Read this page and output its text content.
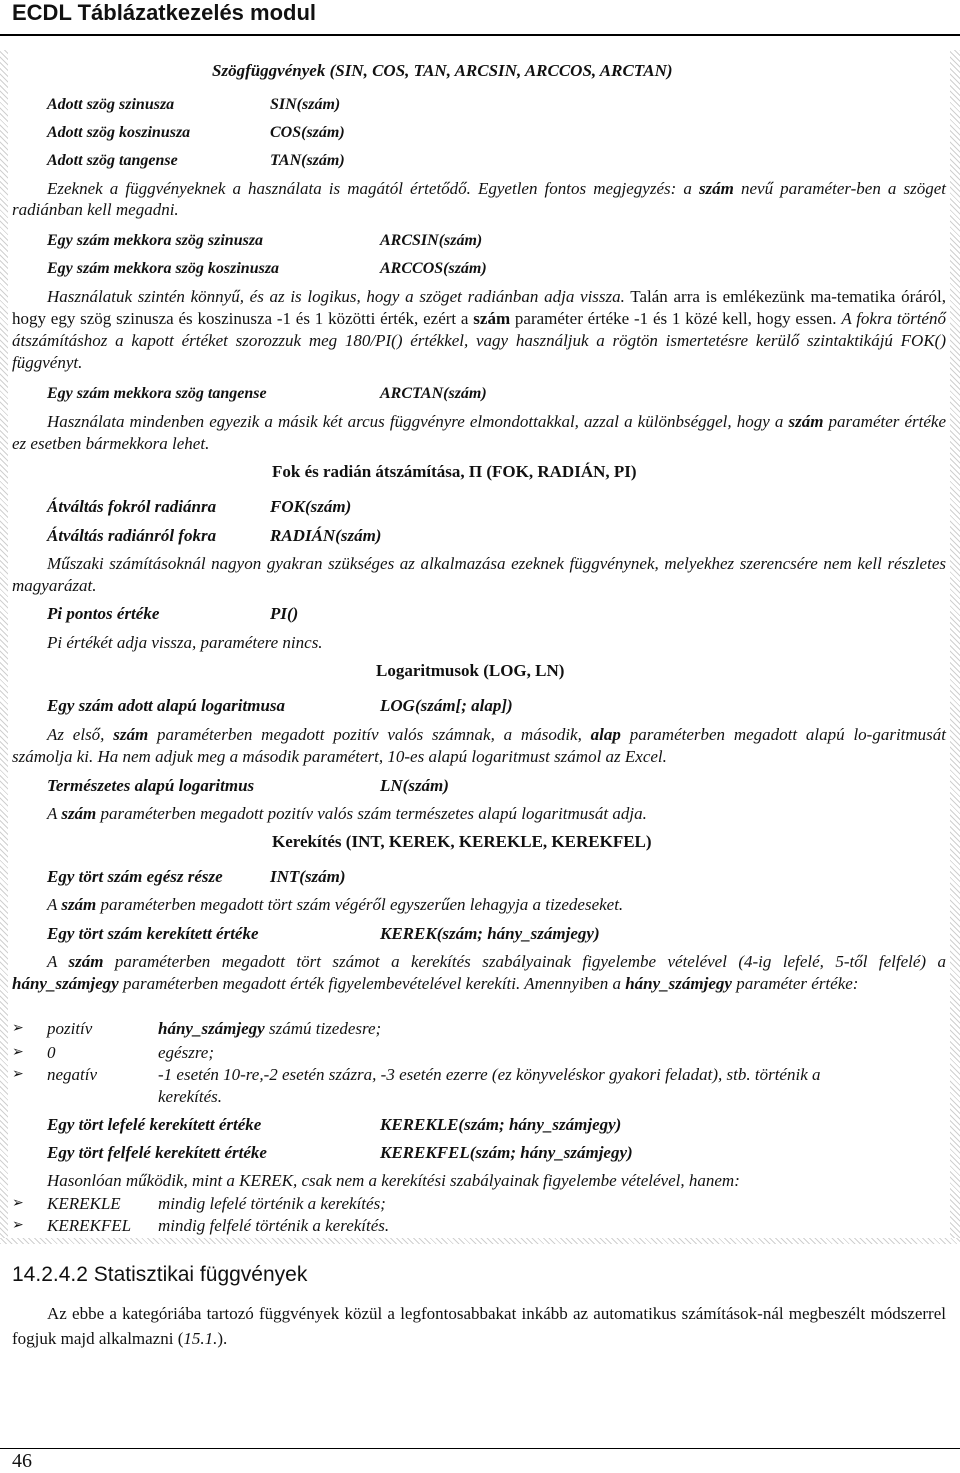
ECDL Táblázatkezelés modul
Szögfüggvények (SIN, COS, TAN, ARCSIN, ARCCOS, ARCTAN)
Adott szög szinusza	SIN(szám)
Adott szög koszinusza	COS(szám)
Adott szög tangense	TAN(szám)
Ezeknek a függvényeknek a használata is magától értetődő. Egyetlen fontos megjegyzés: a szám nevű paraméter-ben a szöget radiánban kell megadni.
Egy szám mekkora szög szinusza	ARCSIN(szám)
Egy szám mekkora szög koszinusza	ARCCOS(szám)
Használatuk szintén könnyű, és az is logikus, hogy a szöget radiánban adja vissza. Talán arra is emlékezünk ma-tematika óráról, hogy egy szög szinusza és koszinusza -1 és 1 közötti érték, ezért a szám paraméter értéke -1 és 1 közé kell, hogy essen. A fokra történő átszámításhoz a kapott értéket szorozzuk meg 180/PI() értékkel, vagy használjuk a rögtön ismertetésre kerülő szintaktikájú FOK() függvényt.
Egy szám mekkora szög tangense	ARCTAN(szám)
Használata mindenben egyezik a másik két arcus függvényre elmondottakkal, azzal a különbséggel, hogy a szám paraméter értéke ez esetben bármekkora lehet.
Fok és radián átszámítása, Π (FOK, RADIÁN, PI)
Átváltás fokról radiánra	FOK(szám)
Átváltás radiánról fokra	RADIÁN(szám)
Műszaki számításoknál nagyon gyakran szükséges az alkalmazása ezeknek függvénynek, melyekhez szerencsére nem kell részletes magyarázat.
Pi pontos értéke	PI()
Pi értékét adja vissza, paramétere nincs.
Logaritmusok (LOG, LN)
Egy szám adott alapú logaritmusa	LOG(szám[; alap])
Az első, szám paraméterben megadott pozitív valós számnak, a második, alap paraméterben megadott alapú lo-garitmusát számolja ki. Ha nem adjuk meg a második paramétert, 10-es alapú logaritmust számol az Excel.
Természetes alapú logaritmus	LN(szám)
A szám paraméterben megadott pozitív valós szám természetes alapú logaritmusát adja.
Kerekítés (INT, KEREK, KEREKLE, KEREKFEL)
Egy tört szám egész része	INT(szám)
A szám paraméterben megadott tört szám végéről egyszerűen lehagyja a tizedeseket.
Egy tört szám kerekített értéke	KEREK(szám; hány_számjegy)
A szám paraméterben megadott tört számot a kerekítés szabályainak figyelembe vételével (4-ig lefelé, 5-től felfelé) a hány_számjegy paraméterben megadott érték figyelembevételével kerekíti. Amennyiben a hány_számjegy paraméter értéke:
➢ pozitív	hány_számjegy számú tizedesre;
➢ 0	egészre;
➢ negatív	-1 esetén 10-re,-2 esetén százra, -3 esetén ezerre (ez könyveléskor gyakori feladat), stb. történik a
kerekítés.
Egy tört lefelé kerekített értéke	KEREKLE(szám; hány_számjegy)
Egy tört felfelé kerekített értéke	KEREKFEL(szám; hány_számjegy)
Hasonlóan működik, mint a KEREK, csak nem a kerekítési szabályainak figyelembe vételével, hanem:
➢ KEREKLE mindig lefelé történik a kerekítés;
➢ KEREKFEL mindig felfelé történik a kerekítés.
14.2.4.2 Statisztikai függvények
Az ebbe a kategóriába tartozó függvények közül a legfontosabbakat inkább az automatikus számítások-nál megbeszélt módszerrel fogjuk majd alkalmazni (15.1.).
46
